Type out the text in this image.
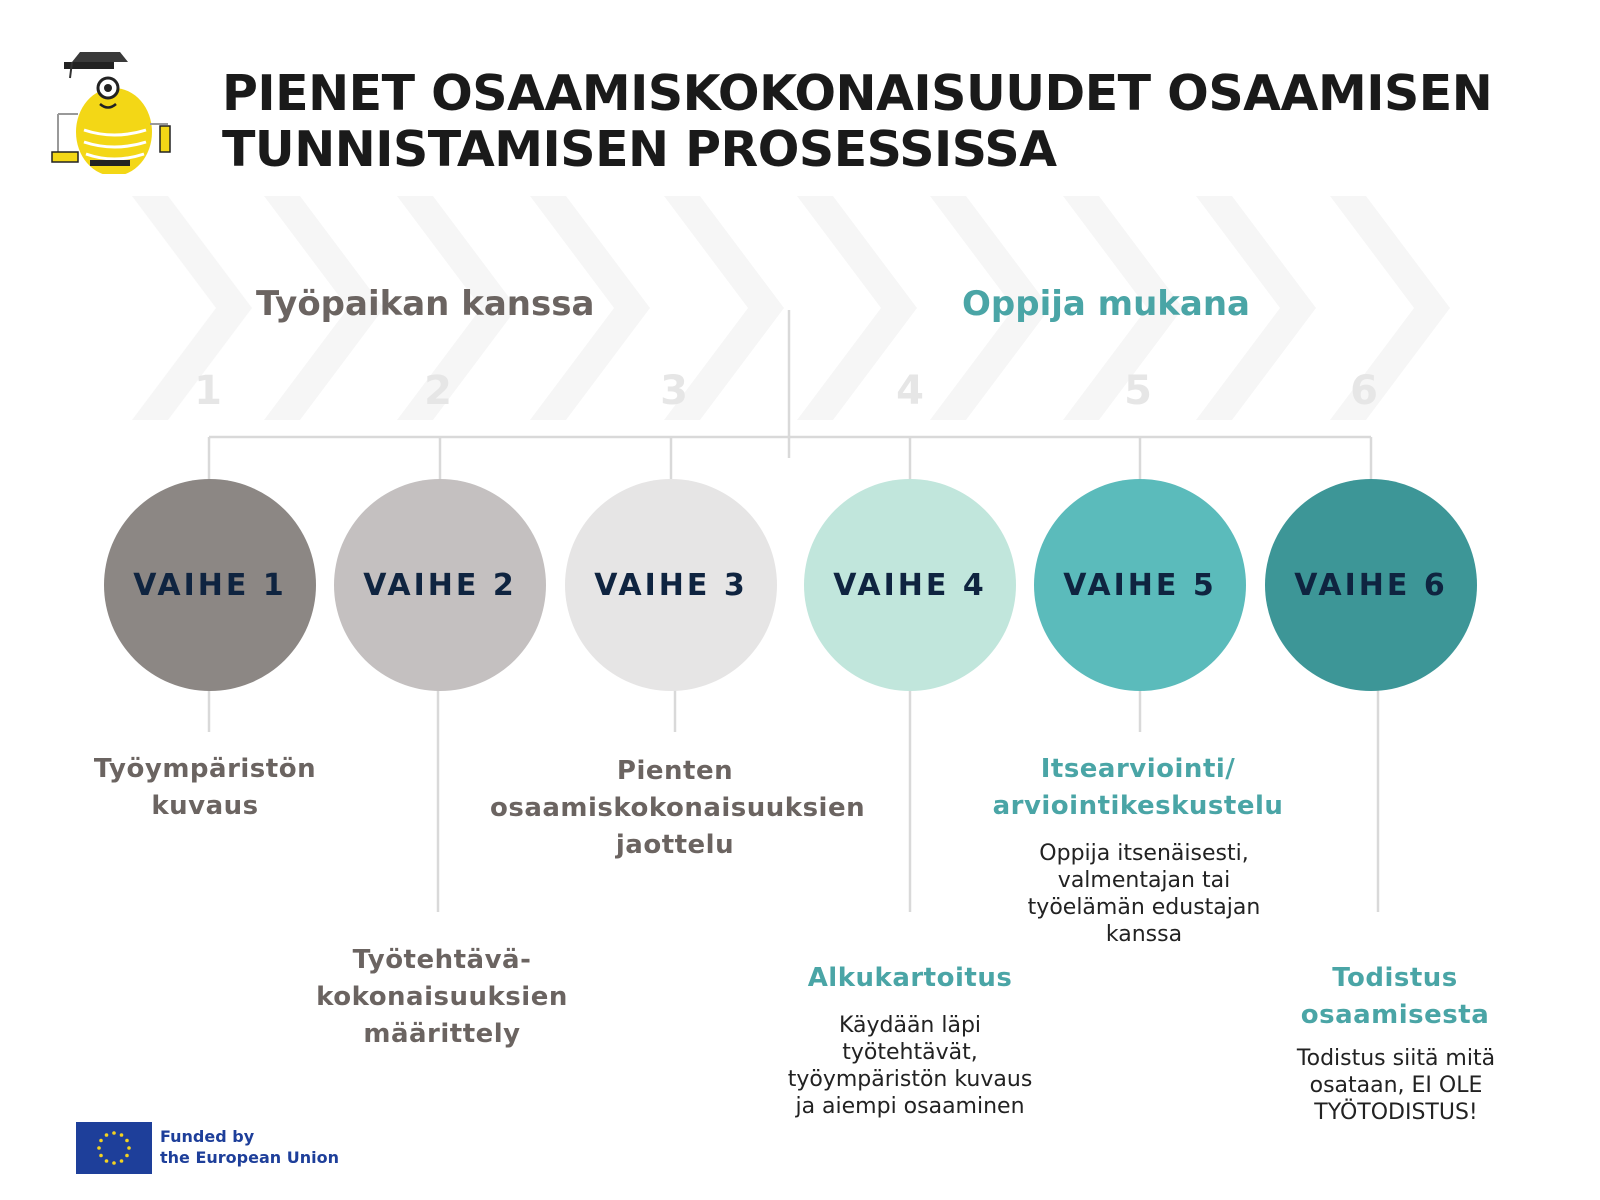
PIENET OSAAMISKOKONAISUUDET OSAAMISEN
TUNNISTAMISEN PROSESSISSA
Työpaikan kanssa	Oppija mukana
1	2	3	4	5	6
VAIHE 1	VAIHE 2	VAIHE 3	VAIHE 4	VAIHE 5	VAIHE 6
Työympäristön kuvaus
Työtehtävä-kokonaisuuksien määrittely
Pienten osaamiskokonaisuuksien jaottelu
Alkukartoitus
Käydään läpi työtehtävät, työympäristön kuvaus ja aiempi osaaminen
Itsearviointi/ arviointikeskustelu
Oppija itsenäisesti, valmentajan tai työelämän edustajan kanssa
Todistus osaamisesta
Todistus siitä mitä osataan, EI OLE TYÖTODISTUS!
Funded by
the European Union
